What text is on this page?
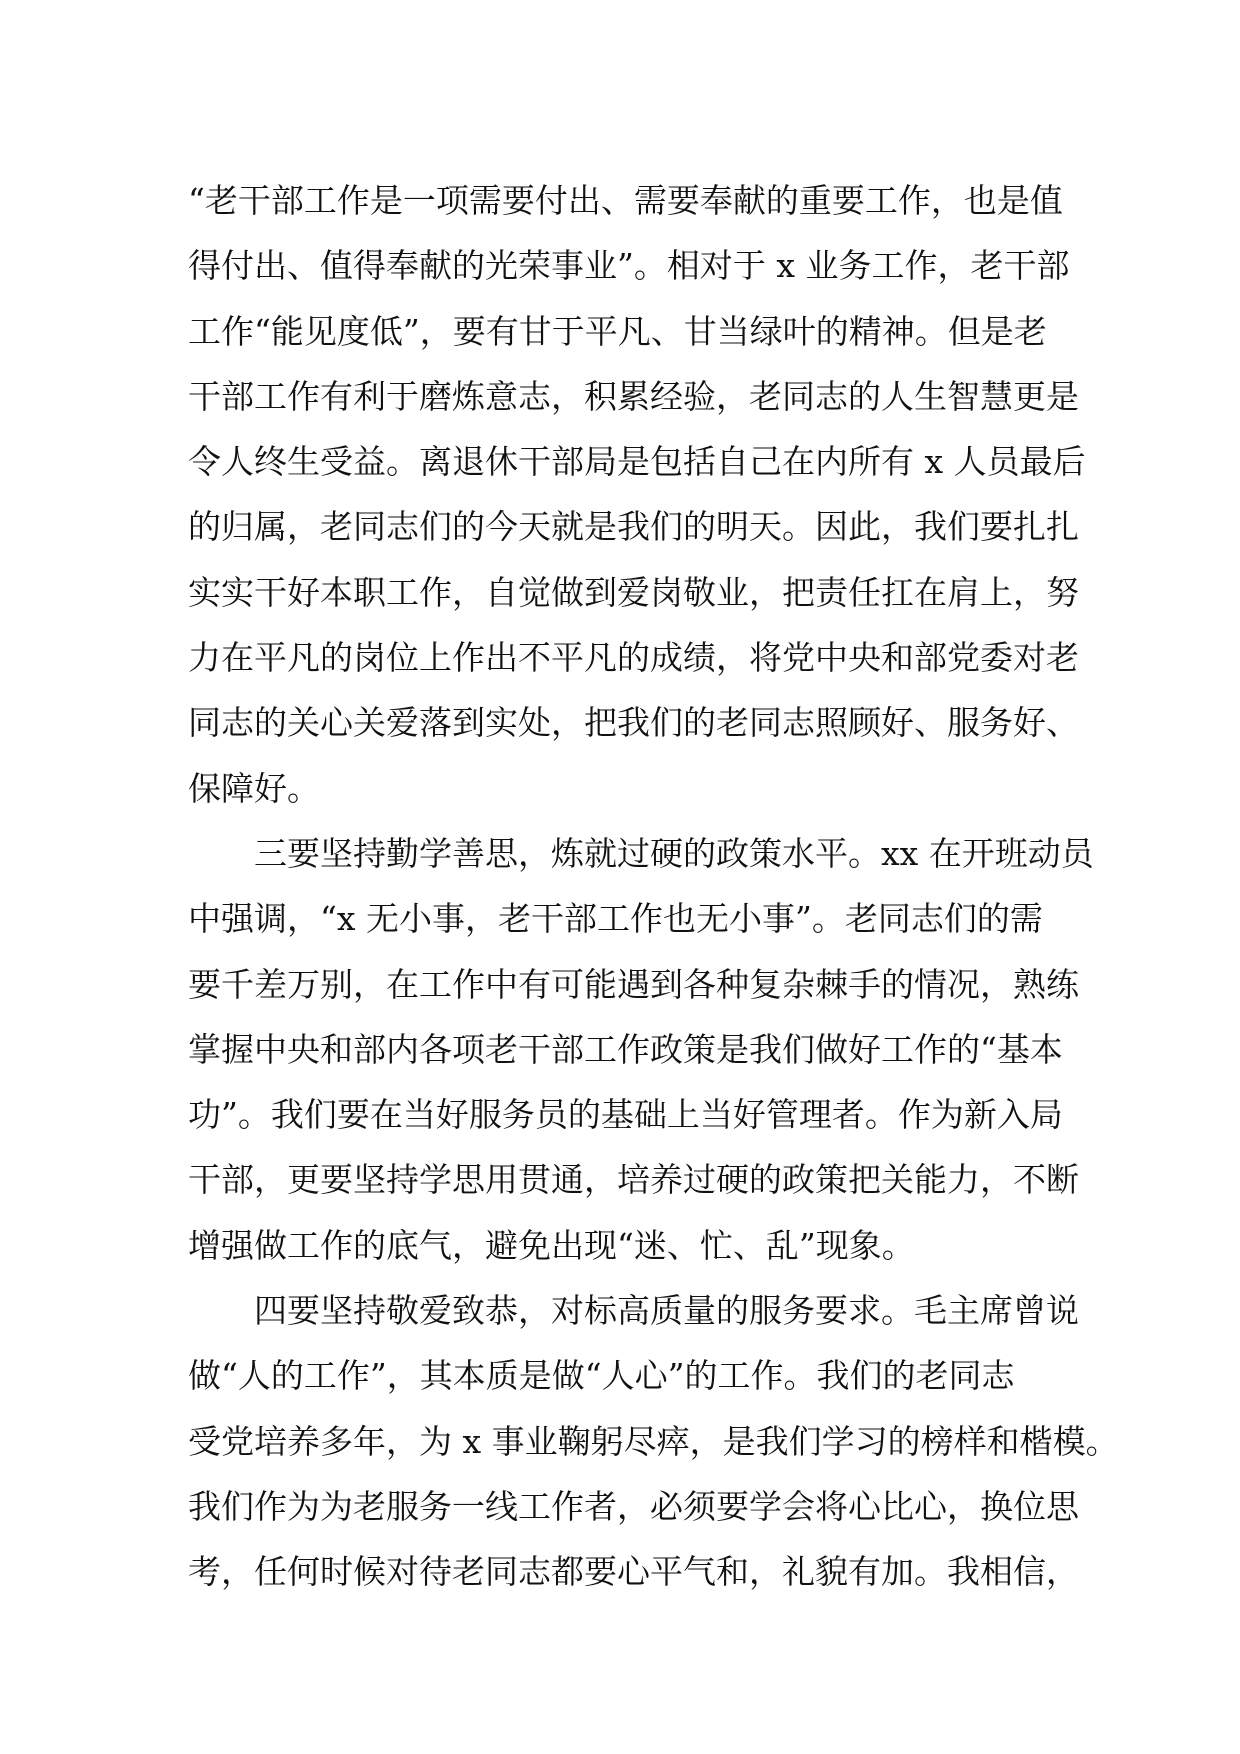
“老干部工作是一项需要付出、需要奉献的重要工作，也是值
得付出、值得奉献的光荣事业”。相对于 x 业务工作，老干部
工作“能见度低”，要有甘于平凡、甘当绿叶的精神。但是老
干部工作有利于磨炼意志，积累经验，老同志的人生智慧更是
令人终生受益。离退休干部局是包括自己在内所有 x 人员最后
的归属，老同志们的今天就是我们的明天。因此，我们要扎扎
实实干好本职工作，自觉做到爱岗敬业，把责任扛在肩上，努
力在平凡的岗位上作出不平凡的成绩，将党中央和部党委对老
同志的关心关爱落到实处，把我们的老同志照顾好、服务好、
保障好。
三要坚持勤学善思，炼就过硬的政策水平。xx 在开班动员
中强调，“x 无小事，老干部工作也无小事”。老同志们的需
要千差万别，在工作中有可能遇到各种复杂棘手的情况，熟练
掌握中央和部内各项老干部工作政策是我们做好工作的“基本
功”。我们要在当好服务员的基础上当好管理者。作为新入局
干部，更要坚持学思用贯通，培养过硬的政策把关能力，不断
增强做工作的底气，避免出现“迷、忙、乱”现象。
四要坚持敬爱致恭，对标高质量的服务要求。毛主席曾说
做“人的工作”，其本质是做“人心”的工作。我们的老同志
受党培养多年，为 x 事业鞠躬尽瘁，是我们学习的榜样和楷模。
我们作为为老服务一线工作者，必须要学会将心比心，换位思
考，任何时候对待老同志都要心平气和，礼貌有加。我相信，
